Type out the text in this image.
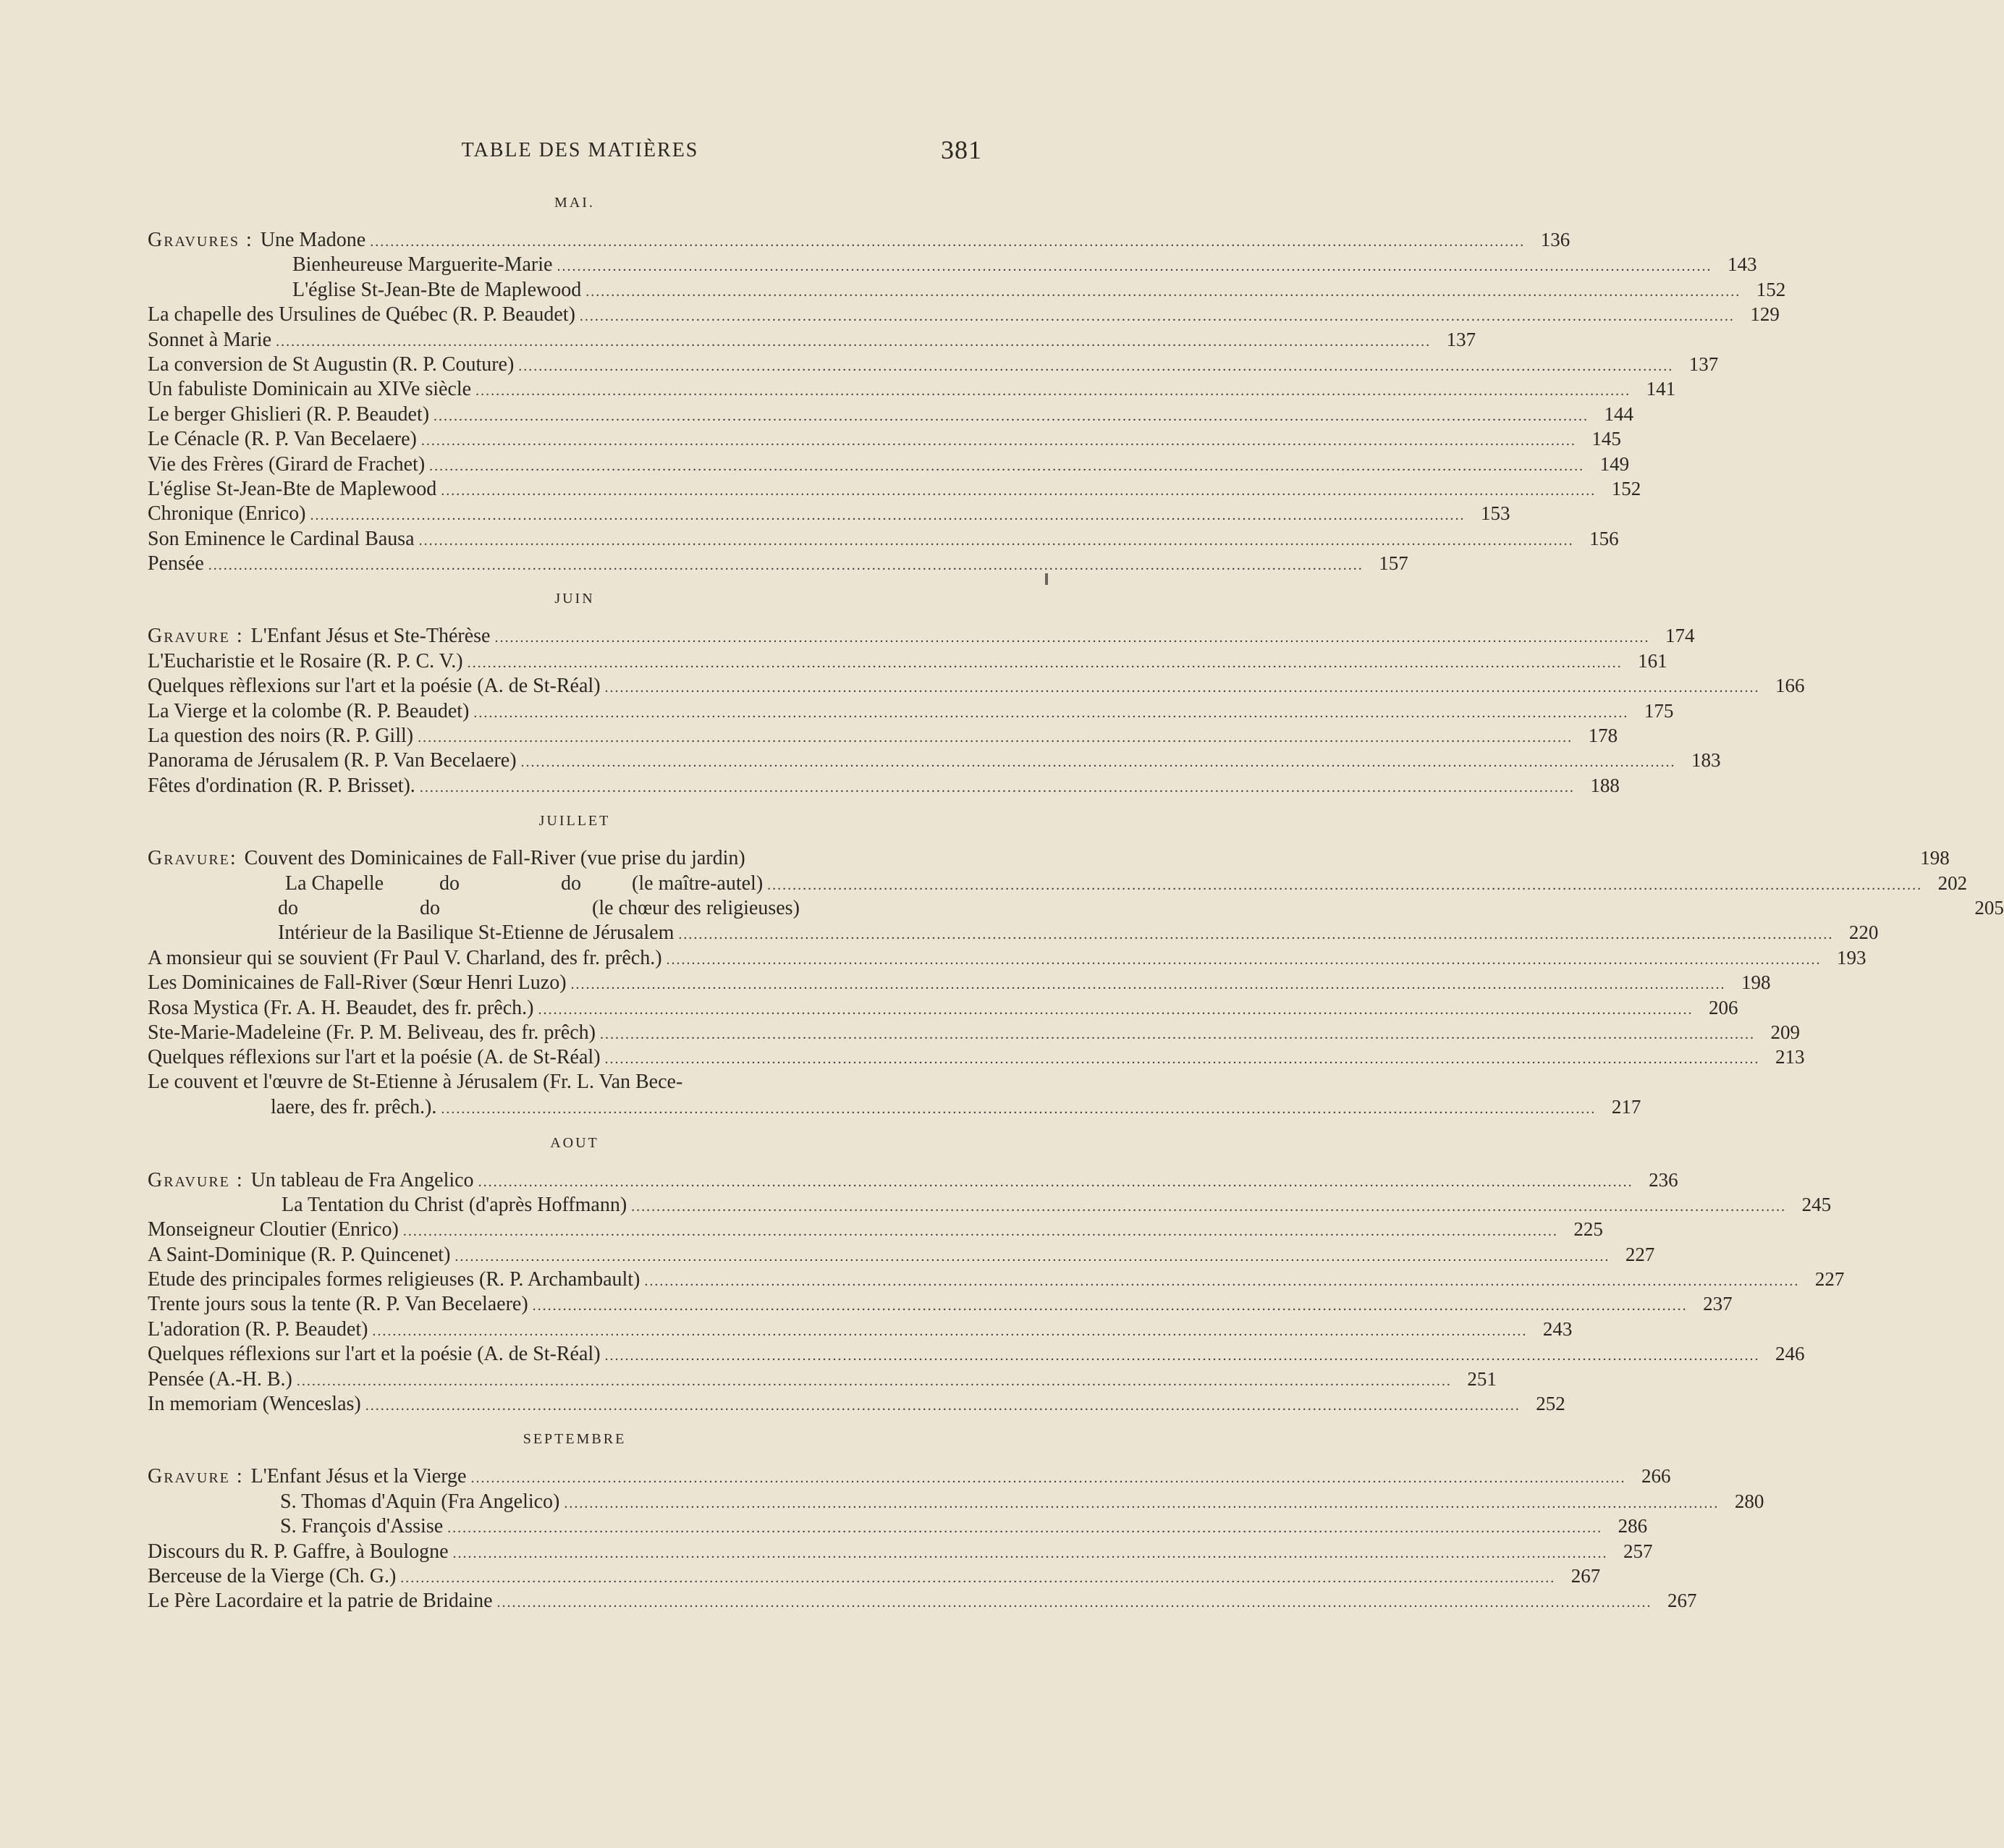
TABLE DES MATIÈRES	381
MAI.
Gravures : Une Madone .....	136
Bienheureuse Marguerite-Marie .....	143
L'église St-Jean-Bte de Maplewood .....	152
La chapelle des Ursulines de Québec (R. P. Beaudet) .....	129
Sonnet à Marie .....	137
La conversion de St Augustin (R. P. Couture) .....	137
Un fabuliste Dominicain au XIVe siècle .....	141
Le berger Ghislieri (R. P. Beaudet) .....	144
Le Cénacle (R. P. Van Becelaere) .....	145
Vie des Frères (Girard de Frachet) .....	149
L'église St-Jean-Bte de Maplewood .....	152
Chronique (Enrico) .....	153
Son Eminence le Cardinal Bausa .....	156
Pensée .....	157
JUIN
Gravure : L'Enfant Jésus et Ste-Thérèse .....	174
L'Eucharistie et le Rosaire (R. P. C. V.) .....	161
Quelques rèflexions sur l'art et la poésie (A. de St-Réal) .....	166
La Vierge et la colombe (R. P. Beaudet) .....	175
La question des noirs (R. P. Gill) .....	178
Panorama de Jérusalem (R. P. Van Becelaere) .....	183
Fêtes d'ordination (R. P. Brisset). .....	188
JUILLET
Gravure: Couvent des Dominicaines de Fall-River (vue prise du jardin)	198
La Chapelle           do                    do          (le maître-autel) .....	202
do                        do                              (le chœur des religieuses)	205
Intérieur de la Basilique St-Etienne de Jérusalem .....	220
A monsieur qui se souvient (Fr Paul V. Charland, des fr. prêch.) .....	193
Les Dominicaines de Fall-River (Sœur Henri Luzo) .....	198
Rosa Mystica (Fr. A. H. Beaudet, des fr. prêch.) .....	206
Ste-Marie-Madeleine (Fr. P. M. Beliveau, des fr. prêch) .....	209
Quelques réflexions sur l'art et la poésie (A. de St-Réal) .....	213
Le couvent et l'œuvre de St-Etienne à Jérusalem (Fr. L. Van Bece-
laere, des fr. prêch.). .....	217
AOUT
Gravure : Un tableau de Fra Angelico .....	236
La Tentation du Christ (d'après Hoffmann) .....	245
Monseigneur Cloutier (Enrico) .....	225
A Saint-Dominique (R. P. Quincenet) .....	227
Etude des principales formes religieuses (R. P. Archambault) .....	227
Trente jours sous la tente (R. P. Van Becelaere) .....	237
L'adoration (R. P. Beaudet) .....	243
Quelques réflexions sur l'art et la poésie (A. de St-Réal) .....	246
Pensée (A.-H. B.) .....	251
In memoriam (Wenceslas) .....	252
SEPTEMBRE
Gravure : L'Enfant Jésus et la Vierge .....	266
S. Thomas d'Aquin (Fra Angelico) .....	280
S. François d'Assise .....	286
Discours du R. P. Gaffre, à Boulogne .....	257
Berceuse de la Vierge (Ch. G.) .....	267
Le Père Lacordaire et la patrie de Bridaine .....	267
